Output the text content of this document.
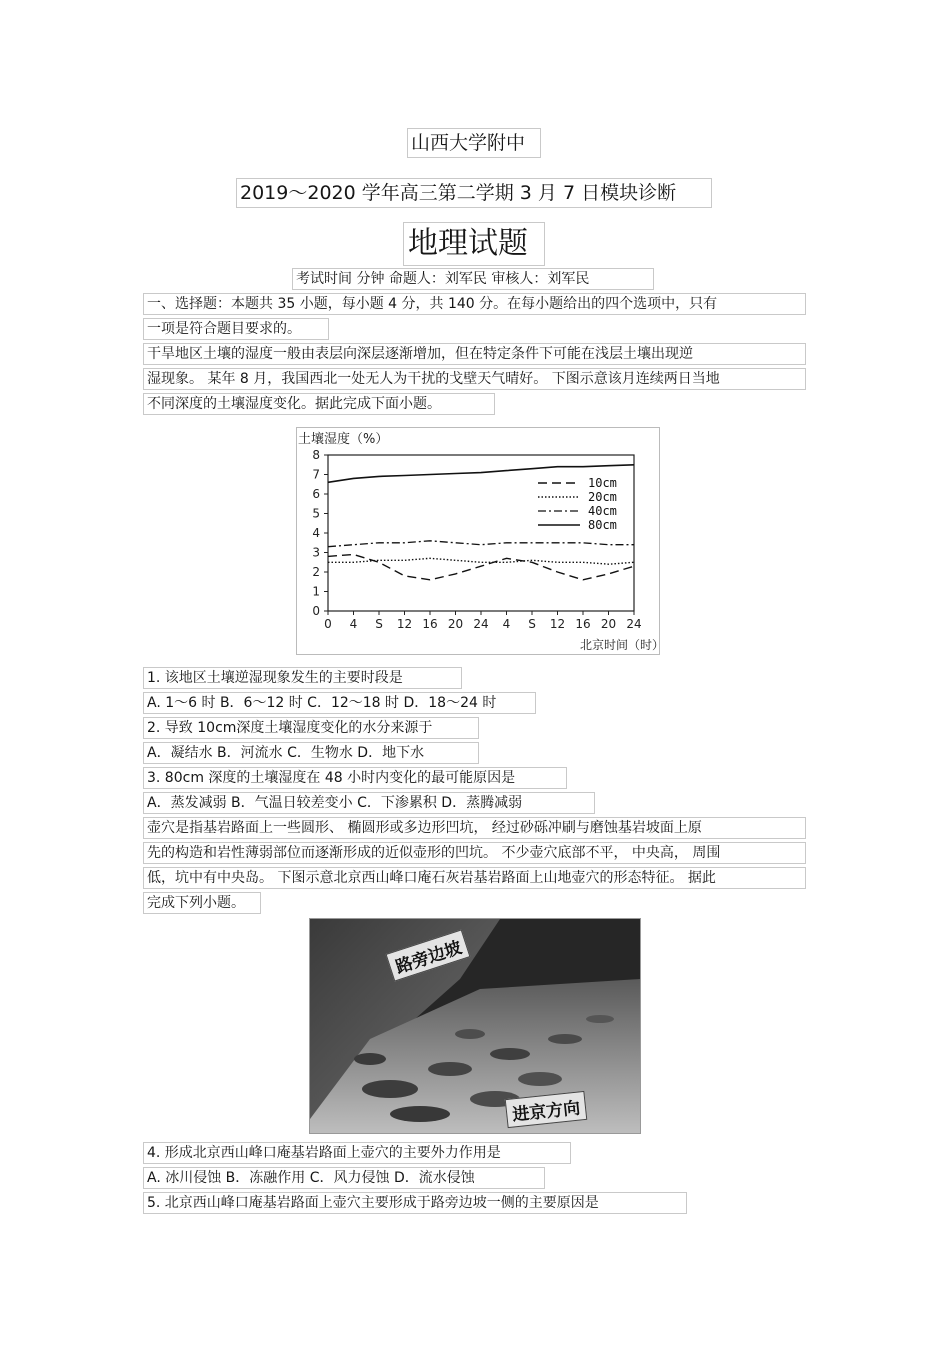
山西大学附中
2019～2020 学年高三第二学期 3 月 7 日模块诊断
地理试题
考试时间 分钟 命题人：刘军民 审核人：刘军民
一、选择题：本题共 35 小题，每小题 4 分，共 140 分。在每小题给出的四个选项中，只有
一项是符合题目要求的。
干旱地区土壤的湿度一般由表层向深层逐渐增加，但在特定条件下可能在浅层土壤出现逆
湿现象。 某年 8 月，我国西北一处无人为干扰的戈壁天气晴好。 下图示意该月连续两日当地
不同深度的土壤湿度变化。据此完成下面小题。
土壤湿度（%）
北京时间（时）
0
1
2
3
4
5
6
7
8
0 4 S 12 16 20 24 4 S 12 16 20 24
10cm
20cm
40cm
80cm
1. 该地区土壤逆湿现象发生的主要时段是
A. 1～6 时 B．6～12 时 C．12～18 时 D．18～24 时
2. 导致 10cm深度土壤湿度变化的水分来源于
A．凝结水 B．河流水 C．生物水 D．地下水
3. 80cm 深度的土壤湿度在 48 小时内变化的最可能原因是
A．蒸发减弱 B．气温日较差变小 C．下渗累积 D．蒸腾减弱
壶穴是指基岩路面上一些圆形、 椭圆形或多边形凹坑， 经过砂砾冲刷与磨蚀基岩坡面上原
先的构造和岩性薄弱部位而逐渐形成的近似壶形的凹坑。 不少壶穴底部不平， 中央高， 周围
低，坑中有中央岛。 下图示意北京西山峰口庵石灰岩基岩路面上山地壶穴的形态特征。 据此
完成下列小题。
路旁边坡
进京方向
4. 形成北京西山峰口庵基岩路面上壶穴的主要外力作用是
A. 冰川侵蚀 B．冻融作用 C．风力侵蚀 D．流水侵蚀
5. 北京西山峰口庵基岩路面上壶穴主要形成于路旁边坡一侧的主要原因是
